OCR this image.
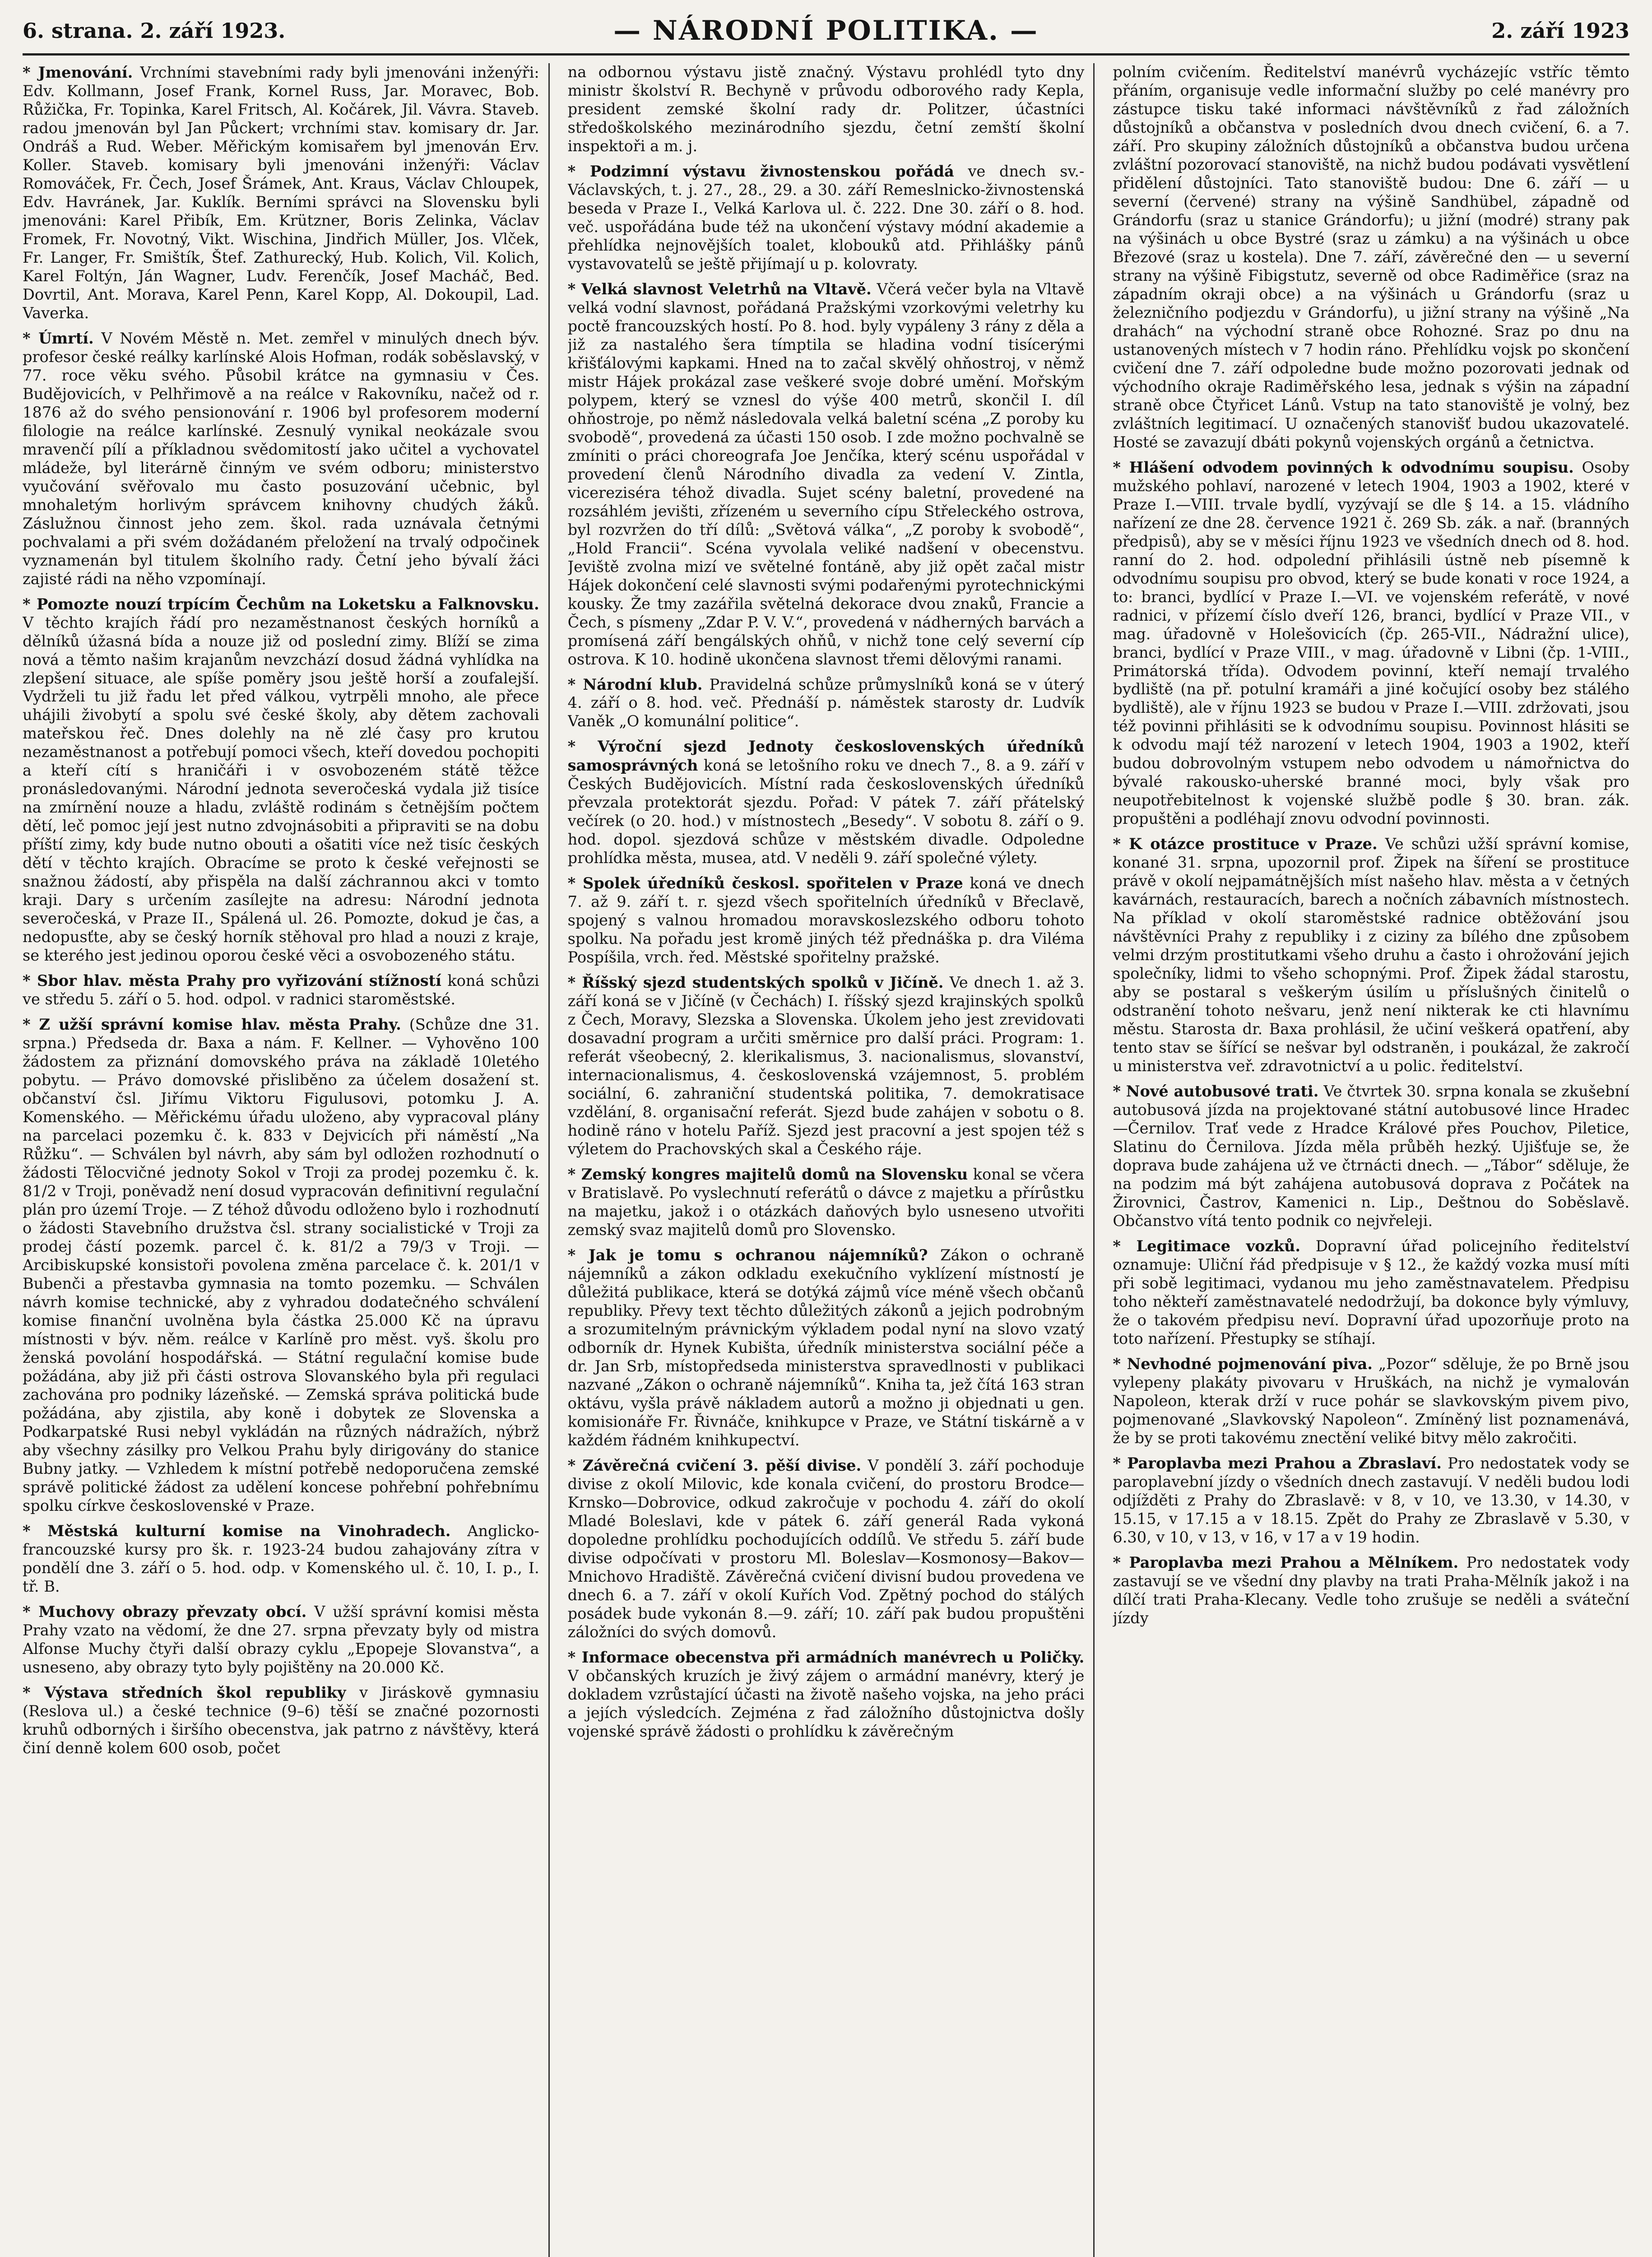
6. strana. 2. září 1923.	— NÁRODNÍ POLITIKA. —	2. září 1923

* Jmenování. Vrchními stavebními rady byli jmenováni inženýři: Edv. Kollmann, Josef Frank, Kornel Russ, Jar. Moravec, Bob. Růžička, Fr. Topinka, Karel Fritsch, Al. Kočárek, Jil. Vávra. Staveb. radou jmenován byl Jan Půckert; vrchními stav. komisary dr. Jar. Ondráš a Rud. Weber. Měřickým komisařem byl jmenován Erv. Koller. Staveb. komisary byli jmenováni inženýři: Václav Romováček, Fr. Čech, Josef Šrámek, Ant. Kraus, Václav Chloupek, Edv. Havránek, Jar. Kuklík. Berními správci na Slovensku byli jmenováni: Karel Přibík, Em. Krützner, Boris Zelinka, Václav Fromek, Fr. Novotný, Vikt. Wischina, Jindřich Müller, Jos. Vlček, Fr. Langer, Fr. Smištík, Štef. Zathurecký, Hub. Kolich, Vil. Kolich, Karel Foltýn, Ján Wagner, Ludv. Ferenčík, Josef Macháč, Bed. Dovrtil, Ant. Morava, Karel Penn, Karel Kopp, Al. Dokoupil, Lad. Vaverka.

* Úmrtí. V Novém Městě n. Met. zemřel v minulých dnech býv. profesor české reálky karlínské Alois Hofman, rodák soběslavský, v 77. roce věku svého. Působil krátce na gymnasiu v Čes. Budějovicích, v Pelhřimově a na reálce v Rakovníku, načež od r. 1876 až do svého pensionování r. 1906 byl profesorem moderní filologie na reálce karlínské. Zesnulý vynikal neokázale svou mravenčí pílí a příkladnou svědomitostí jako učitel a vychovatel mládeže, byl literárně činným ve svém odboru; ministerstvo vyučování svěřovalo mu často posuzování učebnic, byl mnohaletým horlivým správcem knihovny chudých žáků. Záslužnou činnost jeho zem. škol. rada uznávala četnými pochvalami a při svém dožádaném přeložení na trvalý odpočinek vyznamenán byl titulem školního rady. Četní jeho bývalí žáci zajisté rádi na něho vzpomínají.

* Pomozte nouzí trpícím Čechům na Loketsku a Falknovsku. V těchto krajích řádí pro nezaměstnanost českých horníků a dělníků úžasná bída a nouze již od poslední zimy. Blíží se zima nová a těmto našim krajanům nevzchází dosud žádná vyhlídka na zlepšení situace, ale spíše poměry jsou ještě horší a zoufalejší. Vydrželi tu již řadu let před válkou, vytrpěli mnoho, ale přece uhájili živobytí a spolu své české školy, aby dětem zachovali mateřskou řeč. Dnes dolehly na ně zlé časy pro krutou nezaměstnanost a potřebují pomoci všech, kteří dovedou pochopiti a kteří cítí s hraničáři i v osvobozeném státě těžce pronásledovanými. Národní jednota severočeská vydala již tisíce na zmírnění nouze a hladu, zvláště rodinám s četnějším počtem dětí, leč pomoc její jest nutno zdvojnásobiti a připraviti se na dobu příští zimy, kdy bude nutno obouti a ošatiti více než tisíc českých dětí v těchto krajích. Obracíme se proto k české veřejnosti se snažnou žádostí, aby přispěla na další záchrannou akci v tomto kraji. Dary s určením zasílejte na adresu: Národní jednota severočeská, v Praze II., Spálená ul. 26. Pomozte, dokud je čas, a nedopusťte, aby se český horník stěhoval pro hlad a nouzi z kraje, se kterého jest jedinou oporou české věci a osvobozeného státu.

* Sbor hlav. města Prahy pro vyřizování stížností koná schůzi ve středu 5. září o 5. hod. odpol. v radnici staroměstské.

* Z užší správní komise hlav. města Prahy. (Schůze dne 31. srpna.) Předseda dr. Baxa a nám. F. Kellner. — Vyhověno 100 žádostem za přiznání domovského práva na základě 10letého pobytu. — Právo domovské přisliběno za účelem dosažení st. občanství čsl. Jiřímu Viktoru Figulusovi, potomku J. A. Komenského. — Měřickému úřadu uloženo, aby vypracoval plány na parcelaci pozemku č. k. 833 v Dejvicích při náměstí „Na Růžku“. — Schválen byl návrh, aby sám byl odložen rozhodnutí o žádosti Tělocvičné jednoty Sokol v Troji za prodej pozemku č. k. 81/2 v Troji, poněvadž není dosud vypracován definitivní regulační plán pro území Troje. — Z téhož důvodu odloženo bylo i rozhodnutí o žádosti Stavebního družstva čsl. strany socialistické v Troji za prodej částí pozemk. parcel č. k. 81/2 a 79/3 v Troji. — Arcibiskupské konsistoři povolena změna parcelace č. k. 201/1 v Bubenči a přestavba gymnasia na tomto pozemku. — Schválen návrh komise technické, aby z vyhradou dodatečného schválení komise finanční uvolněna byla částka 25.000 Kč na úpravu místnosti v býv. něm. reálce v Karlíně pro měst. vyš. školu pro ženská povolání hospodářská. — Státní regulační komise bude požádána, aby již při části ostrova Slovanského byla při regulaci zachována pro podniky lázeňské. — Zemská správa politická bude požádána, aby zjistila, aby koně i dobytek ze Slovenska a Podkarpatské Rusi nebyl vykládán na různých nádražích, nýbrž aby všechny zásilky pro Velkou Prahu byly dirigovány do stanice Bubny jatky. — Vzhledem k místní potřebě nedoporučena zemské správě politické žádost za udělení koncese pohřební pohřebnímu spolku církve československé v Praze.

* Městská kulturní komise na Vinohradech. Anglicko-francouzské kursy pro šk. r. 1923-24 budou zahajovány zítra v pondělí dne 3. září o 5. hod. odp. v Komenského ul. č. 10, I. p., I. tř. B.

* Muchovy obrazy převzaty obcí. V užší správní komisi města Prahy vzato na vědomí, že dne 27. srpna převzaty byly od mistra Alfonse Muchy čtyři další obrazy cyklu „Epopeje Slovanstva“, a usneseno, aby obrazy tyto byly pojištěny na 20.000 Kč.

* Výstava středních škol republiky v Jiráskově gymnasiu (Reslova ul.) a české technice (9–6) těší se značné pozornosti kruhů odborných i širšího obecenstva, jak patrno z návštěvy, která činí denně kolem 600 osob, počet

na odbornou výstavu jistě značný. Výstavu prohlédl tyto dny ministr školství R. Bechyně v průvodu odborového rady Kepla, president zemské školní rady dr. Politzer, účastníci středoškolského mezinárodního sjezdu, četní zemští školní inspektoři a m. j.

* Podzimní výstavu živnostenskou pořádá ve dnech sv.-Václavských, t. j. 27., 28., 29. a 30. září Remeslnicko-živnostenská beseda v Praze I., Velká Karlova ul. č. 222. Dne 30. září o 8. hod. več. uspořádána bude též na ukončení výstavy módní akademie a přehlídka nejnovějších toalet, klobouků atd. Přihlášky pánů vystavovatelů se ještě přijímají u p. kolovraty.

* Velká slavnost Veletrhů na Vltavě. Včerá večer byla na Vltavě velká vodní slavnost, pořádaná Pražskými vzorkovými veletrhy ku poctě francouzských hostí. Po 8. hod. byly vypáleny 3 rány z děla a již za nastalého šera tímptila se hladina vodní tisícerými křišťálovými kapkami. Hned na to začal skvělý ohňostroj, v němž mistr Hájek prokázal zase veškeré svoje dobré umění. Mořským polypem, který se vznesl do výše 400 metrů, skončil I. díl ohňostroje, po němž následovala velká baletní scéna „Z poroby ku svobodě“, provedená za účasti 150 osob. I zde možno pochvalně se zmíniti o práci choreografa Joe Jenčíka, který scénu uspořádal v provedení členů Národního divadla za vedení V. Zintla, vicereziséra téhož divadla. Sujet scény baletní, provedené na rozsáhlém jevišti, zřízeném u severního cípu Střeleckého ostrova, byl rozvržen do tří dílů: „Světová válka“, „Z poroby k svobodě“, „Hold Francii“. Scéna vyvolala veliké nadšení v obecenstvu. Jeviště zvolna mizí ve světelné fontáně, aby již opět začal mistr Hájek dokončení celé slavnosti svými podařenými pyrotechnickými kousky. Že tmy zazářila světelná dekorace dvou znaků, Francie a Čech, s písmeny „Zdar P. V. V.“, provedená v nádherných barvách a promísená září bengálských ohňů, v nichž tone celý severní cíp ostrova. K 10. hodině ukončena slavnost třemi dělovými ranami.

* Národní klub. Pravidelná schůze průmyslníků koná se v úterý 4. září o 8. hod. več. Přednáší p. náměstek starosty dr. Ludvík Vaněk „O komunální politice“.

* Výroční sjezd Jednoty československých úředníků samosprávných koná se letošního roku ve dnech 7., 8. a 9. září v Českých Budějovicích. Místní rada československých úředníků převzala protektorát sjezdu. Pořad: V pátek 7. září přátelský večírek (o 20. hod.) v místnostech „Besedy“. V sobotu 8. září o 9. hod. dopol. sjezdová schůze v městském divadle. Odpoledne prohlídka města, musea, atd. V neděli 9. září společné výlety.

* Spolek úředníků českosl. spořitelen v Praze koná ve dnech 7. až 9. září t. r. sjezd všech spořitelních úředníků v Břeclavě, spojený s valnou hromadou moravskoslezského odboru tohoto spolku. Na pořadu jest kromě jiných též přednáška p. dra Viléma Pospíšila, vrch. řed. Městské spořitelny pražské.

* Říšský sjezd studentských spolků v Jičíně. Ve dnech 1. až 3. září koná se v Jičíně (v Čechách) I. říšský sjezd krajinských spolků z Čech, Moravy, Slezska a Slovenska. Úkolem jeho jest zrevidovati dosavadní program a určiti směrnice pro další práci. Program: 1. referát všeobecný, 2. klerikalismus, 3. nacionalismus, slovanství, internacionalismus, 4. československá vzájemnost, 5. problém sociální, 6. zahraniční studentská politika, 7. demokratisace vzdělání, 8. organisační referát. Sjezd bude zahájen v sobotu o 8. hodině ráno v hotelu Paříž. Sjezd jest pracovní a jest spojen též s výletem do Prachovských skal a Českého ráje.

* Zemský kongres majitelů domů na Slovensku konal se včera v Bratislavě. Po vyslechnutí referátů o dávce z majetku a přírůstku na majetku, jakož i o otázkách daňových bylo usneseno utvořiti zemský svaz majitelů domů pro Slovensko.

* Jak je tomu s ochranou nájemníků? Zákon o ochraně nájemníků a zákon odkladu exekučního vyklízení místností je důležitá publikace, která se dotýká zájmů více méně všech občanů republiky. Převy text těchto důležitých zákonů a jejich podrobným a srozumitelným právnickým výkladem podal nyní na slovo vzatý odborník dr. Hynek Kubišta, úředník ministerstva sociální péče a dr. Jan Srb, místopředseda ministerstva spravedlnosti v publikaci nazvané „Zákon o ochraně nájemníků“. Kniha ta, jež čítá 163 stran oktávu, vyšla právě nákladem autorů a možno ji objednati u gen. komisionáře Fr. Řivnáče, knihkupce v Praze, ve Státní tiskárně a v každém řádném knihkupectví.

* Závěrečná cvičení 3. pěší divise. V pondělí 3. září pochoduje divise z okolí Milovic, kde konala cvičení, do prostoru Brodce—Krnsko—Dobrovice, odkud zakročuje v pochodu 4. září do okolí Mladé Boleslavi, kde v pátek 6. září generál Rada vykoná dopoledne prohlídku pochodujících oddílů. Ve středu 5. září bude divise odpočívati v prostoru Ml. Boleslav—Kosmonosy—Bakov—Mnichovo Hradiště. Závěrečná cvičení divisní budou provedena ve dnech 6. a 7. září v okolí Kuřích Vod. Zpětný pochod do stálých posádek bude vykonán 8.—9. září; 10. září pak budou propuštěni záložníci do svých domovů.

* Informace obecenstva při armádních manévrech u Poličky. V občanských kruzích je živý zájem o armádní manévry, který je dokladem vzrůstající účasti na životě našeho vojska, na jeho práci a jejích výsledcích. Zejména z řad záložního důstojnictva došly vojenské správě žádosti o prohlídku k závěrečným

polním cvičením. Ředitelství manévrů vycházejíc vstříc těmto přáním, organisuje vedle informační služby po celé manévry pro zástupce tisku také informaci návštěvníků z řad záložních důstojníků a občanstva v posledních dvou dnech cvičení, 6. a 7. září. Pro skupiny záložních důstojníků a občanstva budou určena zvláštní pozorovací stanoviště, na nichž budou podávati vysvětlení přidělení důstojníci. Tato stanoviště budou: Dne 6. září — u severní (červené) strany na výšině Sandhübel, západně od Grándorfu (sraz u stanice Grándorfu); u jižní (modré) strany pak na výšinách u obce Bystré (sraz u zámku) a na výšinách u obce Březové (sraz u kostela). Dne 7. září, závěrečné den — u severní strany na výšině Fibigstutz, severně od obce Radiměřice (sraz na západním okraji obce) a na výšinách u Grándorfu (sraz u železničního podjezdu v Grándorfu), u jižní strany na výšině „Na drahách“ na východní straně obce Rohozné. Sraz po dnu na ustanovených místech v 7 hodin ráno. Přehlídku vojsk po skončení cvičení dne 7. září odpoledne bude možno pozorovati jednak od východního okraje Radiměřského lesa, jednak s výšin na západní straně obce Čtyřicet Lánů. Vstup na tato stanoviště je volný, bez zvláštních legitimací. U označených stanovišť budou ukazovatelé. Hosté se zavazují dbáti pokynů vojenských orgánů a četnictva.

* Hlášení odvodem povinných k odvodnímu soupisu. Osoby mužského pohlaví, narozené v letech 1904, 1903 a 1902, které v Praze I.—VIII. trvale bydlí, vyzývají se dle § 14. a 15. vládního nařízení ze dne 28. července 1921 č. 269 Sb. zák. a nař. (branných předpisů), aby se v měsíci říjnu 1923 ve všedních dnech od 8. hod. ranní do 2. hod. odpolední přihlásili ústně neb písemně k odvodnímu soupisu pro obvod, který se bude konati v roce 1924, a to: branci, bydlící v Praze I.—VI. ve vojenském referátě, v nové radnici, v přízemí číslo dveří 126, branci, bydlící v Praze VII., v mag. úřadovně v Holešovicích (čp. 265-VII., Nádražní ulice), branci, bydlící v Praze VIII., v mag. úřadovně v Libni (čp. 1-VIII., Primátorská třída). Odvodem povinní, kteří nemají trvalého bydliště (na př. potulní kramáři a jiné kočující osoby bez stálého bydliště), ale v říjnu 1923 se budou v Praze I.—VIII. zdržovati, jsou též povinni přihlásiti se k odvodnímu soupisu. Povinnost hlásiti se k odvodu mají též narození v letech 1904, 1903 a 1902, kteří budou dobrovolným vstupem nebo odvodem u námořnictva do bývalé rakousko-uherské branné moci, byly však pro neupotřebitelnost k vojenské službě podle § 30. bran. zák. propuštěni a podléhají znovu odvodní povinnosti.

* K otázce prostituce v Praze. Ve schůzi užší správní komise, konané 31. srpna, upozornil prof. Žipek na šíření se prostituce právě v okolí nejpamátnějších míst našeho hlav. města a v četných kavárnách, restauracích, barech a nočních zábavních místnostech. Na příklad v okolí staroměstské radnice obtěžování jsou návštěvníci Prahy z republiky i z ciziny za bílého dne způsobem velmi drzým prostitutkami všeho druhu a často i ohrožování jejich společníky, lidmi to všeho schopnými. Prof. Žipek žádal starostu, aby se postaral s veškerým úsilím u příslušných činitelů o odstranění tohoto nešvaru, jenž není nikterak ke cti hlavnímu městu. Starosta dr. Baxa prohlásil, že učiní veškerá opatření, aby tento stav se šířící se nešvar byl odstraněn, i poukázal, že zakročí u ministerstva veř. zdravotnictví a u polic. ředitelství.

* Nové autobusové trati. Ve čtvrtek 30. srpna konala se zkušební autobusová jízda na projektované státní autobusové lince Hradec—Černilov. Trať vede z Hradce Králové přes Pouchov, Piletice, Slatinu do Černilova. Jízda měla průběh hezký. Ujišťuje se, že doprava bude zahájena už ve čtrnácti dnech. — „Tábor“ sděluje, že na podzim má být zahájena autobusová doprava z Počátek na Žirovnici, Častrov, Kamenici n. Lip., Deštnou do Soběslavě. Občanstvo vítá tento podnik co nejvřeleji.

* Legitimace vozků. Dopravní úřad policejního ředitelství oznamuje: Uliční řád předpisuje v § 12., že každý vozka musí míti při sobě legitimaci, vydanou mu jeho zaměstnavatelem. Předpisu toho někteří zaměstnavatelé nedodržují, ba dokonce byly výmluvy, že o takovém předpisu neví. Dopravní úřad upozorňuje proto na toto nařízení. Přestupky se stíhají.

* Nevhodné pojmenování piva. „Pozor“ sděluje, že po Brně jsou vylepeny plakáty pivovaru v Hruškách, na nichž je vymalován Napoleon, kterak drží v ruce pohár se slavkovským pivem pivo, pojmenované „Slavkovský Napoleon“. Zmíněný list poznamenává, že by se proti takovému znectění veliké bitvy mělo zakročiti.

* Paroplavba mezi Prahou a Zbraslaví. Pro nedostatek vody se paroplavební jízdy o všedních dnech zastavují. V neděli budou lodi odjížděti z Prahy do Zbraslavě: v 8, v 10, ve 13.30, v 14.30, v 15.15, v 17.15 a v 18.15. Zpět do Prahy ze Zbraslavě v 5.30, v 6.30, v 10, v 13, v 16, v 17 a v 19 hodin.

* Paroplavba mezi Prahou a Mělníkem. Pro nedostatek vody zastavují se ve všední dny plavby na trati Praha-Mělník jakož i na dílčí trati Praha-Klecany. Vedle toho zrušuje se neděli a sváteční jízdy
